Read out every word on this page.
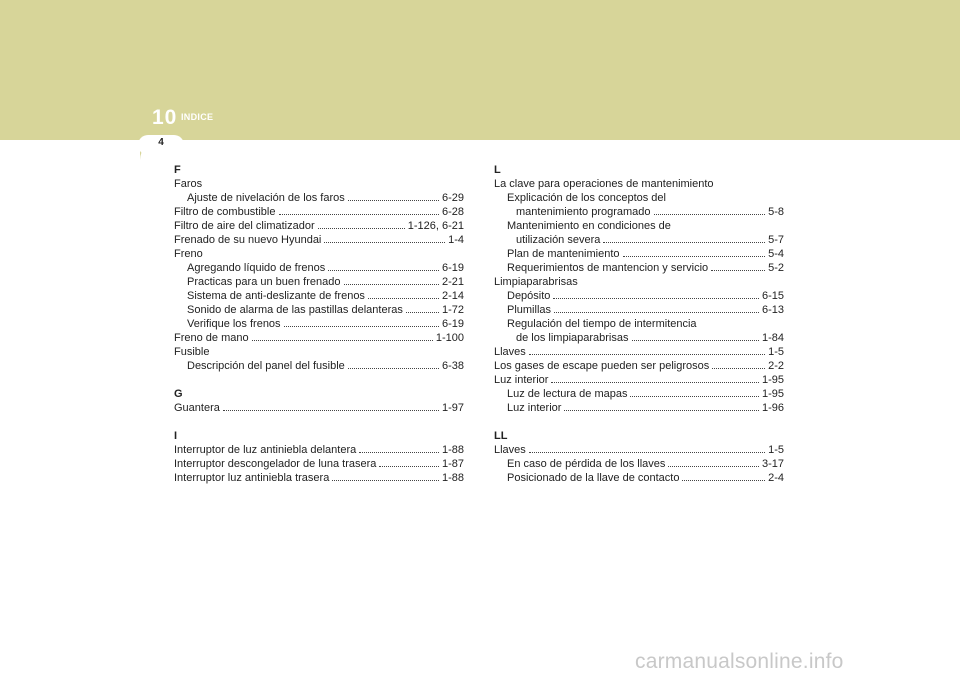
10 INDICE
4
F
Faros
Ajuste de nivelación de los faros	6-29
Filtro de combustible	6-28
Filtro de aire del climatizador	1-126, 6-21
Frenado de su nuevo Hyundai	1-4
Freno
Agregando líquido de frenos	6-19
Practicas para un buen frenado	2-21
Sistema de anti-deslizante de frenos	2-14
Sonido de alarma de las pastillas delanteras	1-72
Verifique los frenos	6-19
Freno de mano	1-100
Fusible
Descripción del panel del fusible	6-38
G
Guantera	1-97
I
Interruptor de luz antiniebla delantera	1-88
Interruptor descongelador de luna trasera	1-87
Interruptor luz antiniebla trasera	1-88
L
La clave para operaciones de mantenimiento
Explicación de los conceptos del
mantenimiento programado	5-8
Mantenimiento en condiciones de
utilización severa	5-7
Plan de mantenimiento	5-4
Requerimientos de mantencion y servicio	5-2
Limpiaparabrisas
Depósito	6-15
Plumillas	6-13
Regulación del tiempo de intermitencia
de los limpiaparabrisas	1-84
Llaves	1-5
Los gases de escape pueden ser peligrosos	2-2
Luz interior	1-95
Luz de lectura de mapas	1-95
Luz interior	1-96
LL
Llaves	1-5
En caso de pérdida de los llaves	3-17
Posicionado de la llave de contacto	2-4
carmanualsonline.info
